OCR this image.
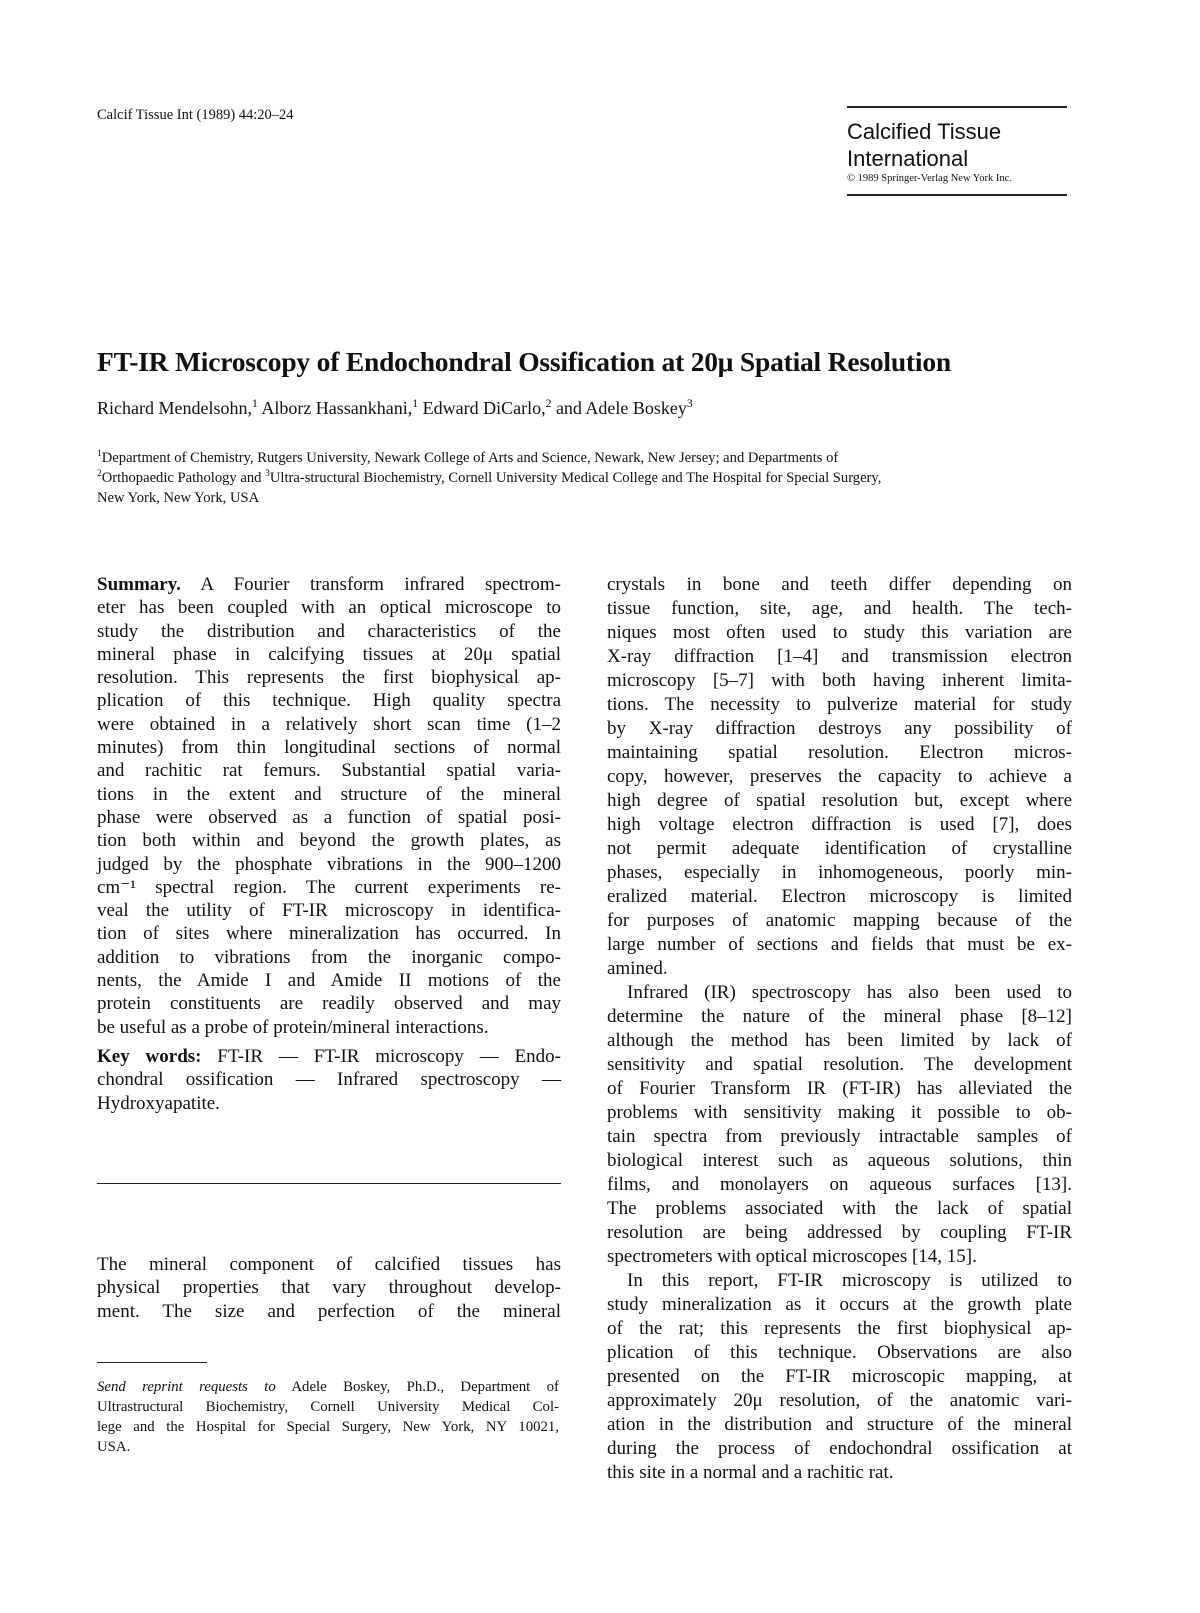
Calcif Tissue Int (1989) 44:20–24
Calcified Tissue
International
© 1989 Springer-Verlag New York Inc.
FT-IR Microscopy of Endochondral Ossification at 20μ Spatial Resolution
Richard Mendelsohn,$^1$ Alborz Hassankhani,$^1$ Edward DiCarlo,$^2$ and Adele Boskey$^3$
$^1$Department of Chemistry, Rutgers University, Newark College of Arts and Science, Newark, New Jersey; and Departments of
$^2$Orthopaedic Pathology and $^3$Ultra-structural Biochemistry, Cornell University Medical College and The Hospital for Special Surgery,
New York, New York, USA
Summary. A Fourier transform infrared spectrom-
eter has been coupled with an optical microscope to
study the distribution and characteristics of the
mineral phase in calcifying tissues at 20μ spatial
resolution. This represents the first biophysical ap-
plication of this technique. High quality spectra
were obtained in a relatively short scan time (1–2
minutes) from thin longitudinal sections of normal
and rachitic rat femurs. Substantial spatial varia-
tions in the extent and structure of the mineral
phase were observed as a function of spatial posi-
tion both within and beyond the growth plates, as
judged by the phosphate vibrations in the 900–1200
cm⁻¹ spectral region. The current experiments re-
veal the utility of FT-IR microscopy in identifica-
tion of sites where mineralization has occurred. In
addition to vibrations from the inorganic compo-
nents, the Amide I and Amide II motions of the
protein constituents are readily observed and may
be useful as a probe of protein/mineral interactions.
Key words: FT-IR — FT-IR microscopy — Endo-
chondral ossification — Infrared spectroscopy —
Hydroxyapatite.
The mineral component of calcified tissues has
physical properties that vary throughout develop-
ment. The size and perfection of the mineral
Send reprint requests to Adele Boskey, Ph.D., Department of
Ultrastructural Biochemistry, Cornell University Medical Col-
lege and the Hospital for Special Surgery, New York, NY 10021,
USA.
crystals in bone and teeth differ depending on
tissue function, site, age, and health. The tech-
niques most often used to study this variation are
X-ray diffraction [1–4] and transmission electron
microscopy [5–7] with both having inherent limita-
tions. The necessity to pulverize material for study
by X-ray diffraction destroys any possibility of
maintaining spatial resolution. Electron micros-
copy, however, preserves the capacity to achieve a
high degree of spatial resolution but, except where
high voltage electron diffraction is used [7], does
not permit adequate identification of crystalline
phases, especially in inhomogeneous, poorly min-
eralized material. Electron microscopy is limited
for purposes of anatomic mapping because of the
large number of sections and fields that must be ex-
amined.
Infrared (IR) spectroscopy has also been used to
determine the nature of the mineral phase [8–12]
although the method has been limited by lack of
sensitivity and spatial resolution. The development
of Fourier Transform IR (FT-IR) has alleviated the
problems with sensitivity making it possible to ob-
tain spectra from previously intractable samples of
biological interest such as aqueous solutions, thin
films, and monolayers on aqueous surfaces [13].
The problems associated with the lack of spatial
resolution are being addressed by coupling FT-IR
spectrometers with optical microscopes [14, 15].
In this report, FT-IR microscopy is utilized to
study mineralization as it occurs at the growth plate
of the rat; this represents the first biophysical ap-
plication of this technique. Observations are also
presented on the FT-IR microscopic mapping, at
approximately 20μ resolution, of the anatomic vari-
ation in the distribution and structure of the mineral
during the process of endochondral ossification at
this site in a normal and a rachitic rat.
